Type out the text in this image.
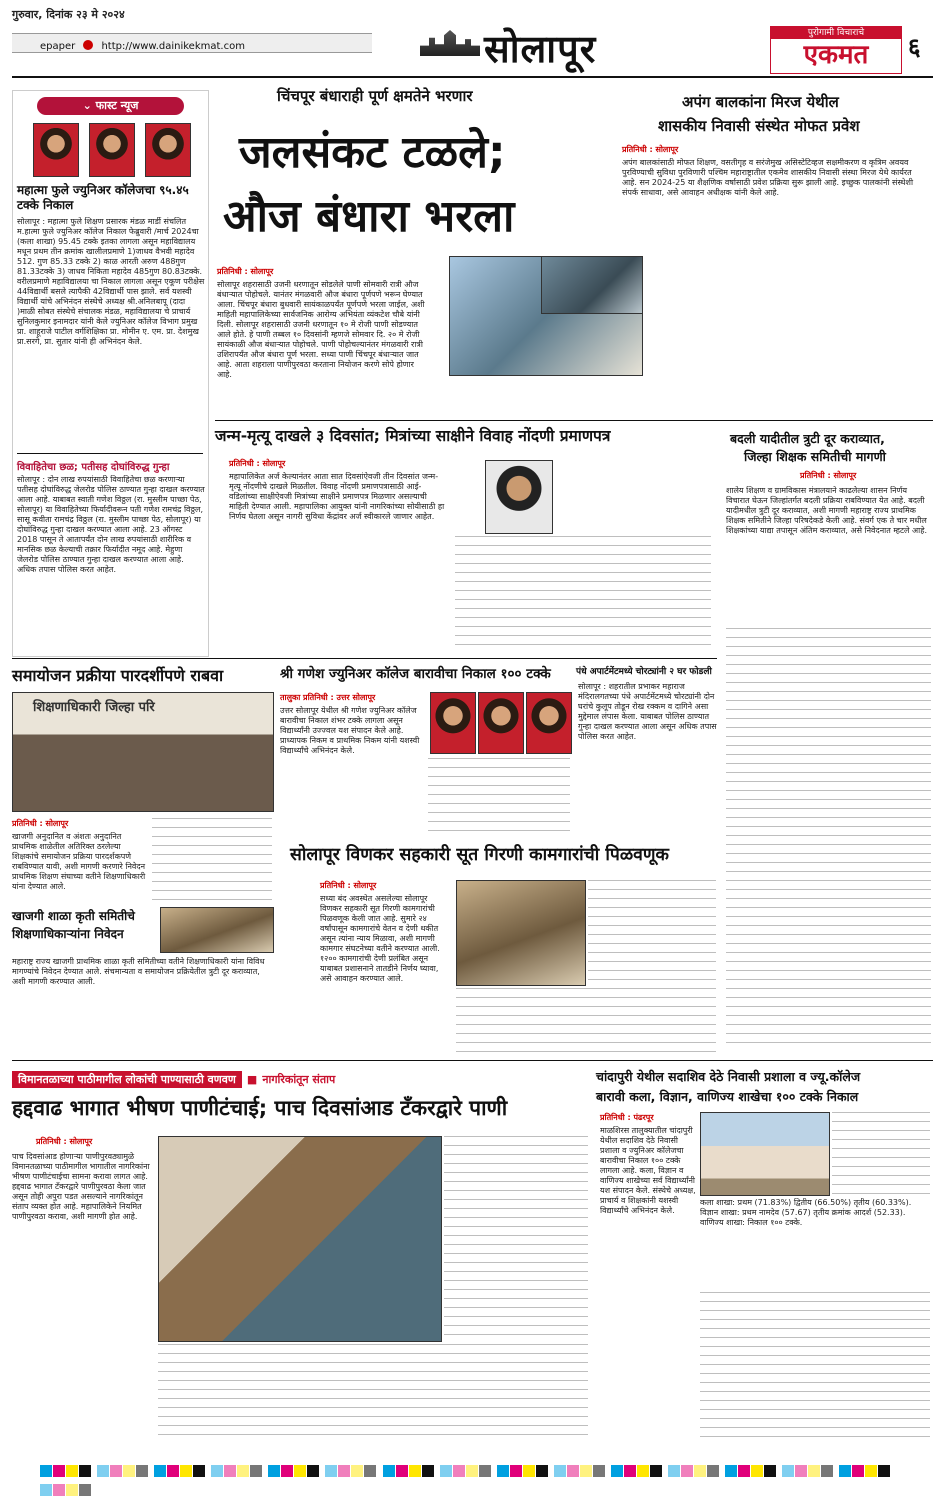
गुरुवार, दिनांक २३ मे २०२४
epaper	http://www.dainikekmat.com	सोलापूर	पुरोगामी विचाराचे
एकमत	६
⌄ फास्ट न्यूज
महात्मा फुले ज्युनिअर कॉलेजचा ९५.४५ टक्के निकाल
सोलापूर : महात्मा फुले शिक्षण प्रसारक मंडळ मार्डी संचलित म.हात्मा फुले ज्युनिअर कॉलेज निकाल फेब्रुवारी /मार्च 2024चा (कला शाखा) 95.45 टक्के इतका लागला असून महाविद्यालय मधून प्रथम तीन क्रमांक खालीलप्रमाणे 1)जाधव वैभवी महादेव 512. गुण 85.33 टक्के 2) काळ आरती अरुण 488गुण 81.33टक्के 3) जाधव निकिता महादेव 485गुण 80.83टक्के. वरीलप्रमाणे महाविद्यालया चा निकाल लागला असून एकूण परीक्षेस 44विद्यार्थी बसले त्यापैकी 42विद्यार्थी पास झाले. सर्व यशस्वी विद्यार्थी यांचे अभिनंदन संस्थेचे अध्यक्ष श्री.अनिलबापू (दादा )माळी सोबत संस्थेचे संचालक मंडळ, महाविद्यालया चे प्राचार्य सुनिलकुमार इनामदार यांनी केले ज्युनिअर कॉलेज विभाग प्रमुख प्रा. शाहूराजे पाटील वर्गशिक्षिका प्रा. मोमीन ए. एम. प्रा. देशमुख प्रा.सरगे, प्रा. सुतार यांनी ही अभिनंदन केले.
विवाहितेचा छळ; पतीसह दोघांविरुद्ध गुन्हा
सोलापूर : दोन लाख रुपयांसाठी विवाहितेचा छळ करणाऱ्या पतीसह दोघांविरुद्ध जेलरोड पोलिस ठाण्यात गुन्हा दाखल करण्यात आला आहे. याबाबत स्वाती गणेश विठ्ठल (रा. मुस्लीम पाच्छा पेठ, सोलापूर) या विवाहितेच्या फिर्यादीवरून पती गणेश रामचंद्र विठ्ठल, सासू कवीता रामचंद्र विठ्ठल (रा. मुस्लीम पाच्छा पेठ, सोलापूर) या दोघांविरुद्ध गुन्हा दाखल करण्यात आला आहे. 23 ऑगस्ट 2018 पासून ते आतापर्यंत दोन लाख रुपयांसाठी शारीरिक व मानसिक छळ केल्याची तक्रार फिर्यादीत नमूद आहे. मेहुणा जेलरोड पोलिस ठाण्यात गुन्हा दाखल करण्यात आला आहे. अधिक तपास पोलिस करत आहेत.
चिंचपूर बंधाराही पूर्ण क्षमतेने भरणार
जलसंकट टळले;
औज बंधारा भरला
प्रतिनिधी : सोलापूर
सोलापूर शहरासाठी उजनी धरणातून सोडलेले पाणी सोमवारी रात्री औज बंधाऱ्यात पोहोचले. यानंतर मंगळवारी औज बंधारा पूर्णपणे भरून घेण्यात आला. चिंचपूर बंधारा बुधवारी सायंकाळपर्यंत पूर्णपणे भरला जाईल, अशी माहिती महापालिकेच्या सार्वजनिक आरोग्य अभियंता व्यंकटेश चौबे यांनी दिली. सोलापूर शहरासाठी उजनी धरणातून १० मे रोजी पाणी सोडण्यात आले होते. हे पाणी तब्बल १० दिवसांनी म्हणजे सोमवार दि. २० मे रोजी सायंकाळी औज बंधाऱ्यात पोहोचले. पाणी पोहोचल्यानंतर मंगळवारी रात्री उशिरापर्यंत औज बंधारा पूर्ण भरला. सध्या पाणी चिंचपूर बंधाऱ्यात जात आहे. आता शहराला पाणीपुरवठा करताना नियोजन करणे सोपे होणार आहे.
अपंग बालकांना मिरज येथील
शासकीय निवासी संस्थेत मोफत प्रवेश
प्रतिनिधी : सोलापूर
अपंग बालकांसाठी मोफत शिक्षण, वसतीगृह व सरंजेमुख असिस्टेटिव्हज सक्षमीकरण व कृत्रिम अवयव पुरविण्याची सुविधा पुरविणारी पश्चिम महाराष्ट्रातील एकमेव शासकीय निवासी संस्था मिरज येथे कार्यरत आहे. सन 2024-25 या शैक्षणिक वर्षासाठी प्रवेश प्रक्रिया सुरू झाली आहे. इच्छुक पालकांनी संस्थेशी संपर्क साधावा, असे आवाहन अधीक्षक यांनी केले आहे.
जन्म-मृत्यू दाखले ३ दिवसांत; मित्रांच्या साक्षीने विवाह नोंदणी प्रमाणपत्र
प्रतिनिधी : सोलापूर
महापालिकेत अर्ज केल्यानंतर आता सात दिवसांऐवजी तीन दिवसांत जन्म-मृत्यू नोंदणीचे दाखले मिळतील. विवाह नोंदणी प्रमाणपत्रासाठी आई-वडिलांच्या साक्षीऐवजी मित्रांच्या साक्षीने प्रमाणपत्र मिळणार असल्याची माहिती देण्यात आली. महापालिका आयुक्त यांनी नागरिकांच्या सोयीसाठी हा निर्णय घेतला असून नागरी सुविधा केंद्रांवर अर्ज स्वीकारले जाणार आहेत.
बदली यादीतील त्रुटी दूर कराव्यात,
जिल्हा शिक्षक समितीची मागणी
प्रतिनिधी : सोलापूर
शालेय शिक्षण व ग्रामविकास मंत्रालयाने काढलेल्या शासन निर्णय विचारात घेऊन जिल्हांतर्गत बदली प्रक्रिया राबविण्यात येत आहे. बदली यादीमधील त्रुटी दूर कराव्यात, अशी मागणी महाराष्ट्र राज्य प्राथमिक शिक्षक समितीने जिल्हा परिषदेकडे केली आहे. संवर्ग एक ते चार मधील शिक्षकांच्या याद्या तपासून अंतिम कराव्यात, असे निवेदनात म्हटले आहे.
समायोजन प्रक्रीया पारदर्शीपणे राबवा
शिक्षणाधिकारी जिल्हा परि
प्रतिनिधी : सोलापूर
खाजगी अनुदानित व अंशतः अनुदानित प्राथमिक शाळेतील अतिरिक्त ठरलेल्या शिक्षकांचे समायोजन प्रक्रिया पारदर्शकपणे राबविण्यात यावी, अशी मागणी करणारे निवेदन प्राथमिक शिक्षण संघाच्या वतीने शिक्षणाधिकारी यांना देण्यात आले.
खाजगी शाळा कृती समितीचे
शिक्षणाधिकाऱ्यांना निवेदन
महाराष्ट्र राज्य खाजगी प्राथमिक शाळा कृती समितीच्या वतीने शिक्षणाधिकारी यांना विविध मागण्यांचे निवेदन देण्यात आले. संचमान्यता व समायोजन प्रक्रियेतील त्रुटी दूर कराव्यात, अशी मागणी करण्यात आली.
श्री गणेश ज्युनिअर कॉलेज बारावीचा निकाल १०० टक्के
तालुका प्रतिनिधी : उत्तर सोलापूर
उत्तर सोलापूर येथील श्री गणेश ज्युनिअर कॉलेज बारावीचा निकाल शंभर टक्के लागला असून विद्यार्थ्यांनी उज्ज्वल यश संपादन केले आहे. प्राध्यापक निकम व प्राथमिक निकम यांनी यशस्वी विद्यार्थ्यांचे अभिनंदन केले.
पंधे अपार्टमेंटमध्ये चोरट्यांनी २ घर फोडली
सोलापूर : शहरातील प्रभाकर महाराज मंदिरालगतच्या पंधे अपार्टमेंटमध्ये चोरट्यांनी दोन घरांचे कुलूप तोडून रोख रक्कम व दागिने असा मुद्देमाल लंपास केला. याबाबत पोलिस ठाण्यात गुन्हा दाखल करण्यात आला असून अधिक तपास पोलिस करत आहेत.
सोलापूर विणकर सहकारी सूत गिरणी कामगारांची पिळवणूक
प्रतिनिधी : सोलापूर
सध्या बंद अवस्थेत असलेल्या सोलापूर विणकर सहकारी सूत गिरणी कामगारांची पिळवणूक केली जात आहे. सुमारे २४ वर्षांपासून कामगारांचे वेतन व देणी थकीत असून त्यांना न्याय मिळावा, अशी मागणी कामगार संघटनेच्या वतीने करण्यात आली. १२०० कामगारांची देणी प्रलंबित असून याबाबत प्रशासनाने तातडीने निर्णय घ्यावा, असे आवाहन करण्यात आले.
विमानतळाच्या पाठीमागील लोकांची पाण्यासाठी वणवण ■ नागरिकांतून संताप
हद्दवाढ भागात भीषण पाणीटंचाई; पाच दिवसांआड टँकरद्वारे पाणी
प्रतिनिधी : सोलापूर
पाच दिवसांआड होणाऱ्या पाणीपुरवठ्यामुळे विमानतळाच्या पाठीमागील भागातील नागरिकांना भीषण पाणीटंचाईचा सामना करावा लागत आहे. हद्दवाढ भागात टँकरद्वारे पाणीपुरवठा केला जात असून तोही अपुरा पडत असल्याने नागरिकांतून संताप व्यक्त होत आहे. महापालिकेने नियमित पाणीपुरवठा करावा, अशी मागणी होत आहे.
चांदापुरी येथील सदाशिव देठे निवासी प्रशाला व ज्यू.कॉलेज
बारावी कला, विज्ञान, वाणिज्य शाखेचा १०० टक्के निकाल
प्रतिनिधी : पंढरपूर
माळशिरस तालुक्यातील चांदापुरी येथील सदाशिव देठे निवासी प्रशाला व ज्युनिअर कॉलेजचा बारावीचा निकाल १०० टक्के लागला आहे. कला, विज्ञान व वाणिज्य शाखेच्या सर्व विद्यार्थ्यांनी यश संपादन केले. संस्थेचे अध्यक्ष, प्राचार्य व शिक्षकांनी यशस्वी विद्यार्थ्यांचे अभिनंदन केले.
कला शाखा: प्रथम (71.83%) द्वितीय (66.50%) तृतीय (60.33%). विज्ञान शाखा: प्रथम नामदेव (57.67) तृतीय क्रमांक आदर्श (52.33). वाणिज्य शाखा: निकाल १०० टक्के.
